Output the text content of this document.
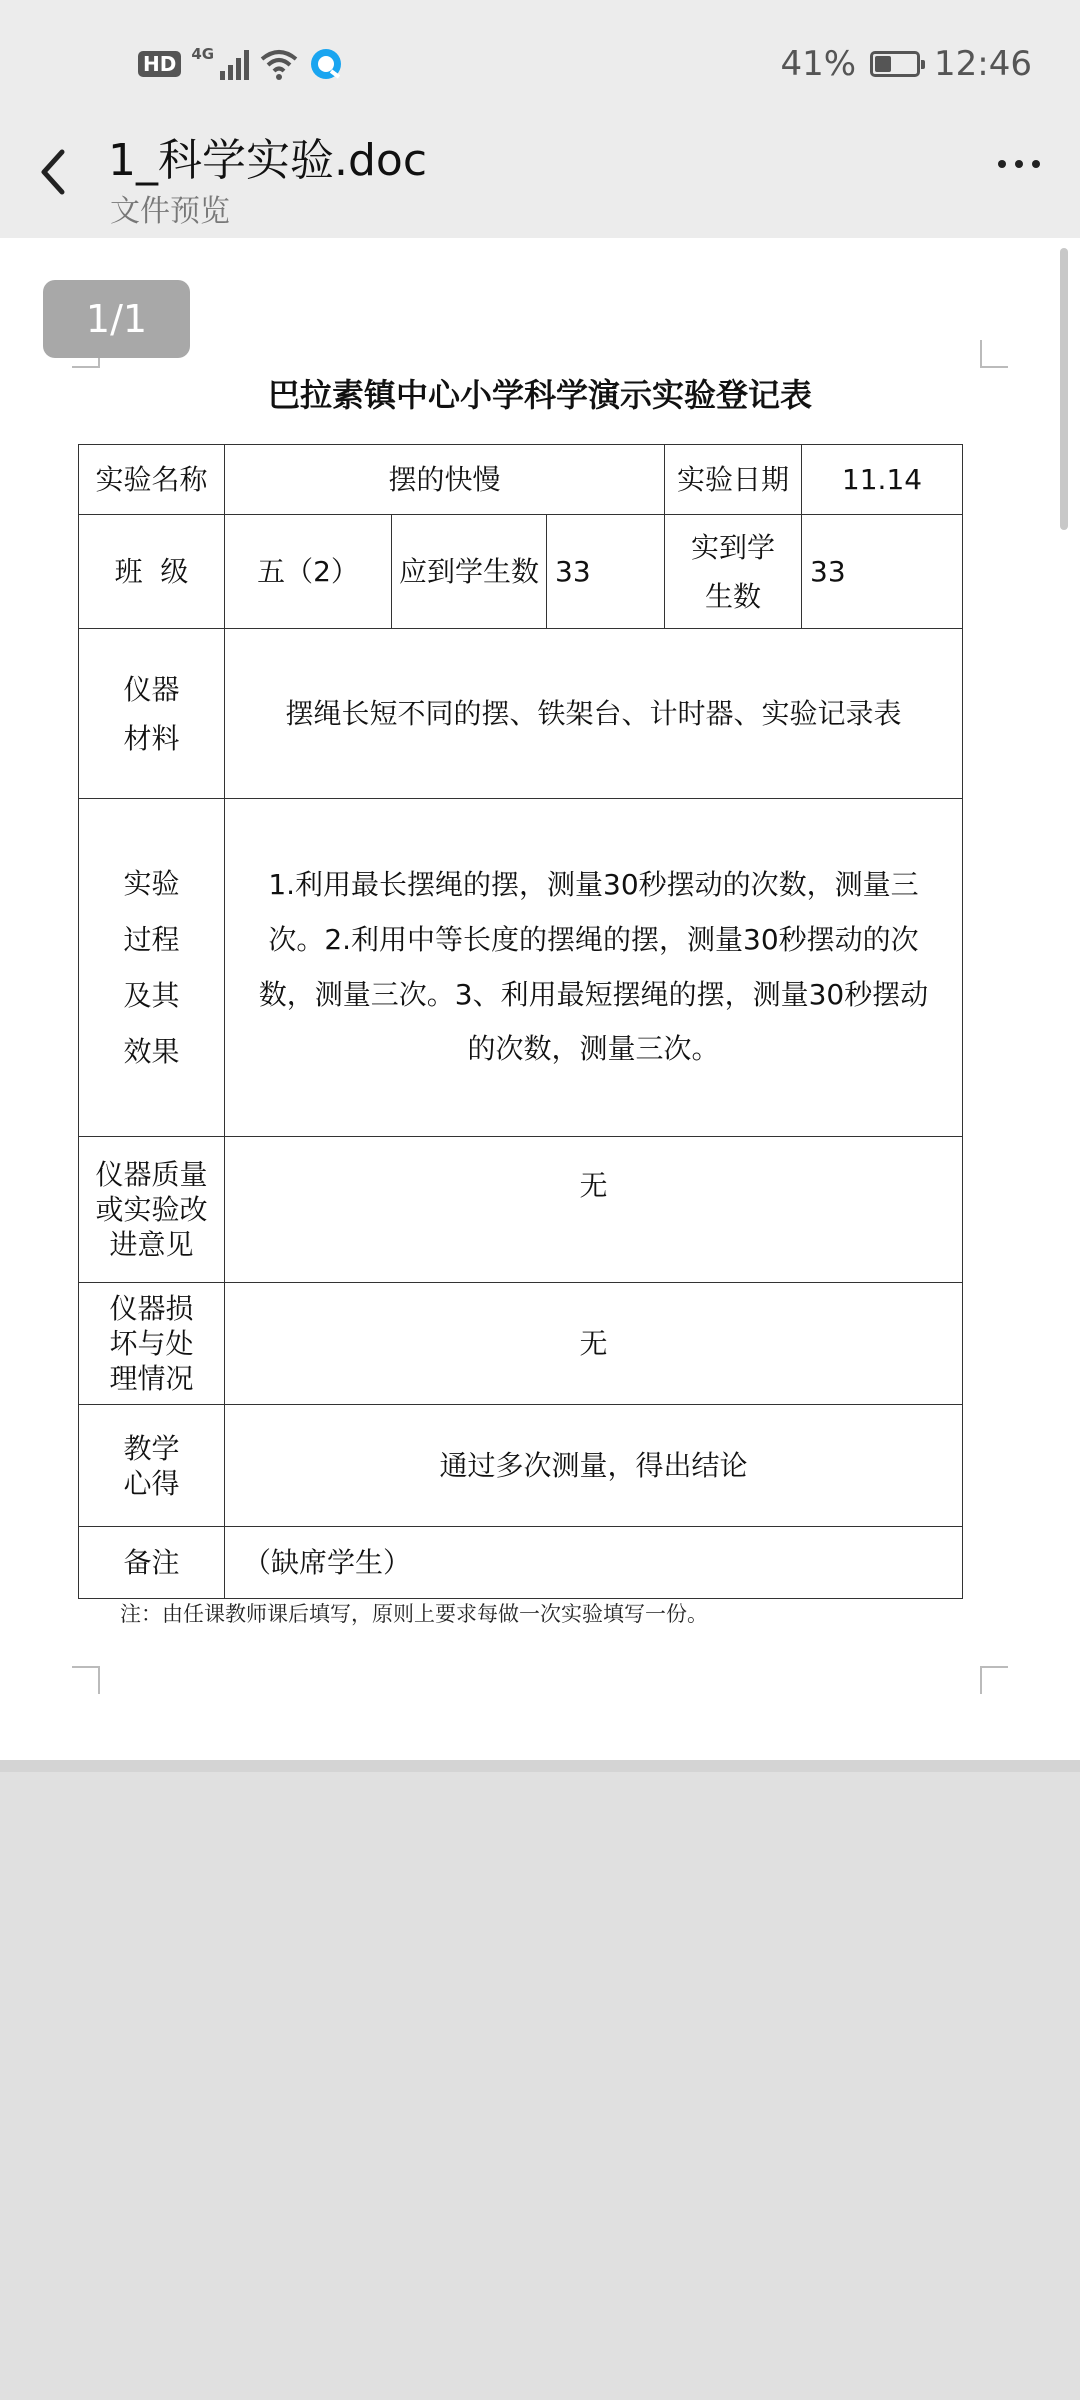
HD	4G	41% 12:46
1_科学实验.doc
文件预览
1/1
巴拉素镇中心小学科学演示实验登记表
实验名称	摆的快慢			实验日期	11.14
班  级	五（2）	应到学生数	33	实到学生数	33
仪器材料	摆绳长短不同的摆、铁架台、计时器、实验记录表				
实验过程及其效果	1.利用最长摆绳的摆，测量30秒摆动的次数，测量三次。2.利用中等长度的摆绳的摆，测量30秒摆动的次数，测量三次。3、利用最短摆绳的摆，测量30秒摆动的次数，测量三次。				
仪器质量或实验改进意见	无				
仪器损坏与处理情况	无				
教学心得	通过多次测量，得出结论				
备注	（缺席学生）				
注：由任课教师课后填写，原则上要求每做一次实验填写一份。
